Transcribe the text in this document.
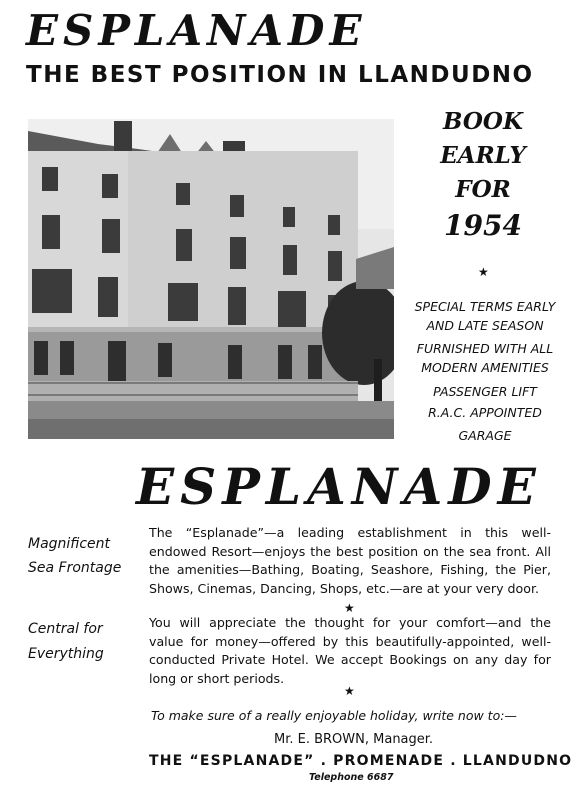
ESPLANADE
THE BEST POSITION IN LLANDUDNO
BOOK
EARLY
FOR
1954
★
SPECIAL TERMS EARLY
AND LATE SEASON
FURNISHED WITH ALL
MODERN AMENITIES
PASSENGER LIFT
R.A.C. APPOINTED
GARAGE
ESPLANADE
Magnificent
Sea Frontage
Central for
Everything
The “Esplanade”—a leading establishment in this well-endowed Resort—enjoys the best position on the sea front. All the amenities—Bathing, Boating, Seashore, Fishing, the Pier, Shows, Cinemas, Dancing, Shops, etc.—are at your very door.
★
You will appreciate the thought for your comfort—and the value for money—offered by this beautifully-appointed, well-conducted Private Hotel. We accept Bookings on any day for long or short periods.
★
To make sure of a really enjoyable holiday, write now to:—
Mr. E. BROWN, Manager.
THE “ESPLANADE” . PROMENADE . LLANDUDNO
Telephone 6687
